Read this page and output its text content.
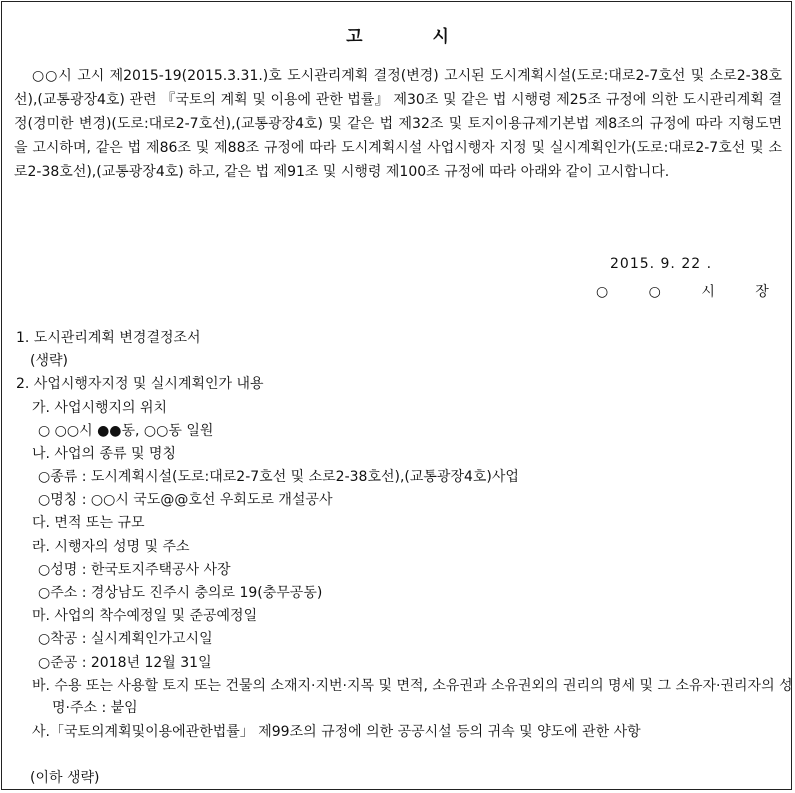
고 시
○○시 고시 제2015-19(2015.3.31.)호 도시관리계획 결정(변경) 고시된 도시계획시설(도로:대로2-7호선 및 소로2-38호선),(교통광장4호) 관련 『국토의 계획 및 이용에 관한 법률』 제30조 및 같은 법 시행령 제25조 규정에 의한 도시관리계획 결정(경미한 변경)(도로:대로2-7호선),(교통광장4호) 및 같은 법 제32조 및 토지이용규제기본법 제8조의 규정에 따라 지형도면을 고시하며, 같은 법 제86조 및 제88조 규정에 따라 도시계획시설 사업시행자 지정 및 실시계획인가(도로:대로2-7호선 및 소로2-38호선),(교통광장4호) 하고, 같은 법 제91조 및 시행령 제100조 규정에 따라 아래와 같이 고시합니다.
2015. 9. 22 .
○ ○ 시 장
1. 도시관리계획 변경결정조서
(생략)
2. 사업시행자지정 및 실시계획인가 내용
가. 사업시행지의 위치
○ ○○시 ●●동, ○○동 일원
나. 사업의 종류 및 명칭
○종류 : 도시계획시설(도로:대로2-7호선 및 소로2-38호선),(교통광장4호)사업
○명칭 : ○○시 국도@@호선 우회도로 개설공사
다. 면적 또는 규모
라. 시행자의 성명 및 주소
○성명 : 한국토지주택공사 사장
○주소 : 경상남도 진주시 충의로 19(충무공동)
마. 사업의 착수예정일 및 준공예정일
○착공 : 실시계획인가고시일
○준공 : 2018년 12월 31일
바. 수용 또는 사용할 토지 또는 건물의 소재지·지번·지목 및 면적, 소유권과 소유권외의 권리의 명세 및 그 소유자·권리자의 성명·주소 : 붙임
사.「국토의계획및이용에관한법률」 제99조의 규정에 의한 공공시설 등의 귀속 및 양도에 관한 사항
(이하 생략)
